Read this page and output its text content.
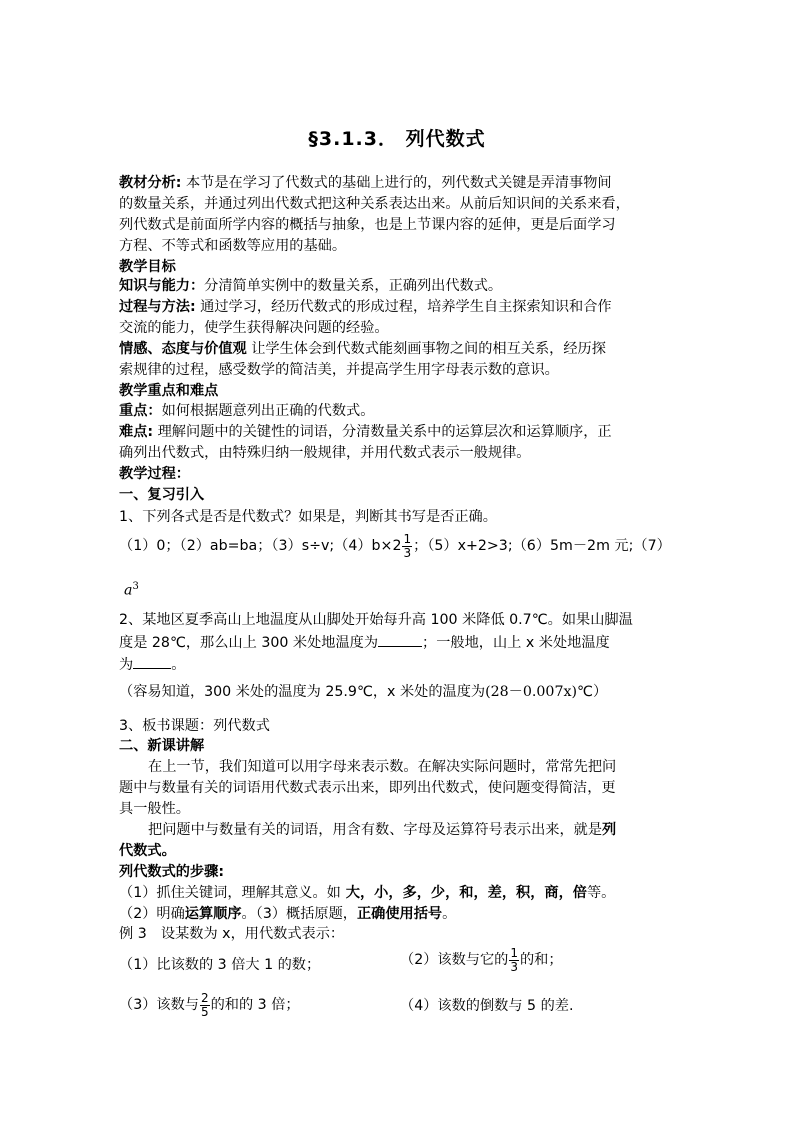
§3.1.3． 列代数式
教材分析: 本节是在学习了代数式的基础上进行的，列代数式关键是弄清事物间
的数量关系，并通过列出代数式把这种关系表达出来。从前后知识间的关系来看，
列代数式是前面所学内容的概括与抽象，也是上节课内容的延伸，更是后面学习
方程、不等式和函数等应用的基础。
教学目标
知识与能力：分清简单实例中的数量关系，正确列出代数式。
过程与方法: 通过学习，经历代数式的形成过程，培养学生自主探索知识和合作
交流的能力，使学生获得解决问题的经验。
情感、态度与价值观 让学生体会到代数式能刻画事物之间的相互关系，经历探
索规律的过程，感受数学的简洁美，并提高学生用字母表示数的意识。
教学重点和难点
重点：如何根据题意列出正确的代数式。
难点: 理解问题中的关键性的词语，分清数量关系中的运算层次和运算顺序，正
确列出代数式，由特殊归纳一般规律，并用代数式表示一般规律。
教学过程：
一、复习引入
1、下列各式是否是代数式？如果是，判断其书写是否正确。
（1）0；（2）ab=ba；（3）s÷v;（4）b×2 $\frac{1}{3}$ ；（5）x+2>3;（6）5m－2m 元;（7）
$a^3$
2、某地区夏季高山上地温度从山脚处开始每升高 100 米降低 0.7℃。如果山脚温
度是 28℃，那么山上 300 米处地温度为	；一般地，山上 x 米处地温度
为	。
（容易知道，300 米处的温度为 25.9℃，x 米处的温度为(28－0.007x)℃）
3、板书课题：列代数式
二、新课讲解
在上一节，我们知道可以用字母来表示数。在解决实际问题时，常常先把问
题中与数量有关的词语用代数式表示出来，即列出代数式，使问题变得简洁，更
具一般性。
把问题中与数量有关的词语，用含有数、字母及运算符号表示出来，就是列
代数式。
列代数式的步骤:
（1）抓住关键词，理解其意义。如 大，小，多，少，和，差，积，商，倍等。
（2）明确运算顺序。（3）概括原题，正确使用括号。
例 3　设某数为 x，用代数式表示：
（1）比该数的 3 倍大 1 的数；	（2）该数与它的 $\frac{1}{3}$ 的和；
（3）该数与 $\frac{2}{5}$ 的和的 3 倍；	（4）该数的倒数与 5 的差.
